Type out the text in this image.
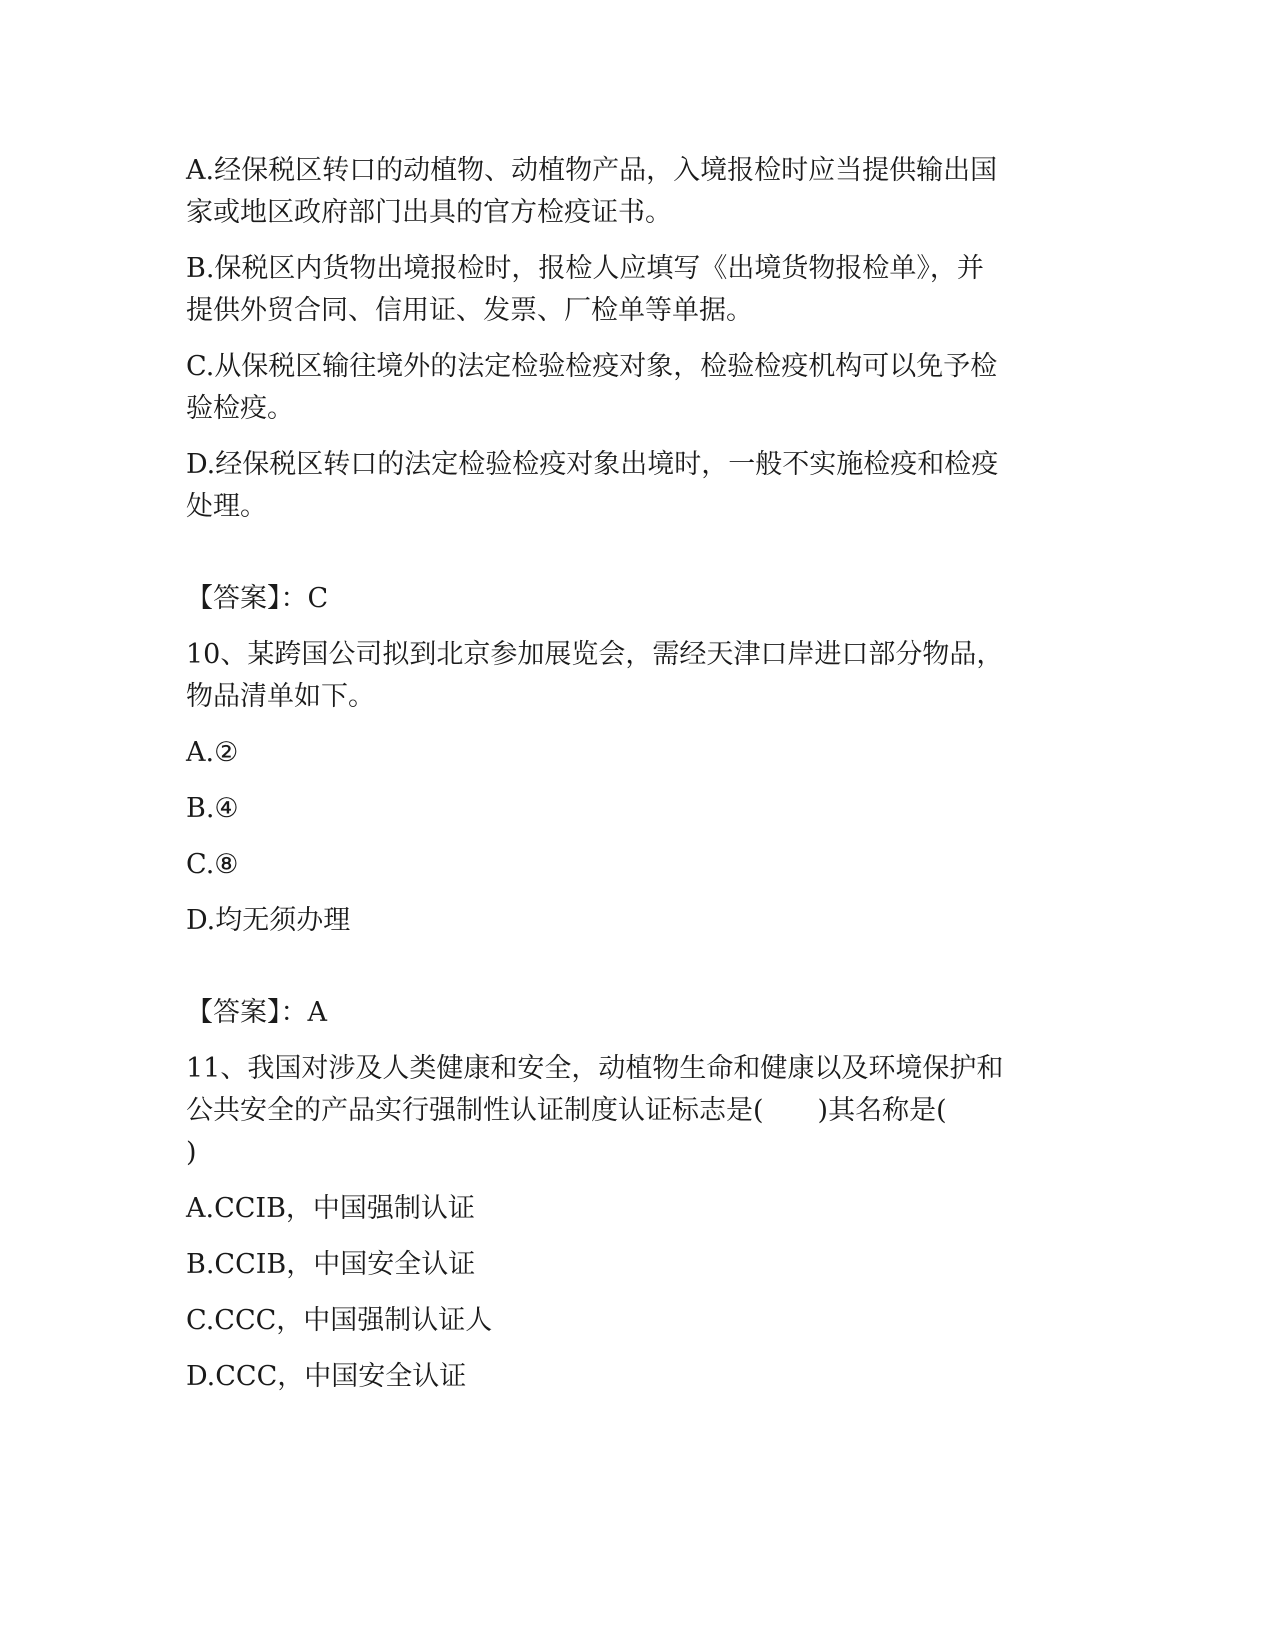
A.经保税区转口的动植物、动植物产品，入境报检时应当提供输出国

家或地区政府部门出具的官方检疫证书。

B.保税区内货物出境报检时，报检人应填写《出境货物报检单》，并

提供外贸合同、信用证、发票、厂检单等单据。

C.从保税区输往境外的法定检验检疫对象，检验检疫机构可以免予检

验检疫。

D.经保税区转口的法定检验检疫对象出境时，一般不实施检疫和检疫

处理。

【答案】：C

10、某跨国公司拟到北京参加展览会，需经天津口岸进口部分物品，

物品清单如下。

A.②

B.④

C.⑧

D.均无须办理

【答案】：A

11、我国对涉及人类健康和安全，动植物生命和健康以及环境保护和

公共安全的产品实行强制性认证制度认证标志是(　　)其名称是(

)

A.CCIB，中国强制认证

B.CCIB，中国安全认证

C.CCC，中国强制认证人

D.CCC，中国安全认证
